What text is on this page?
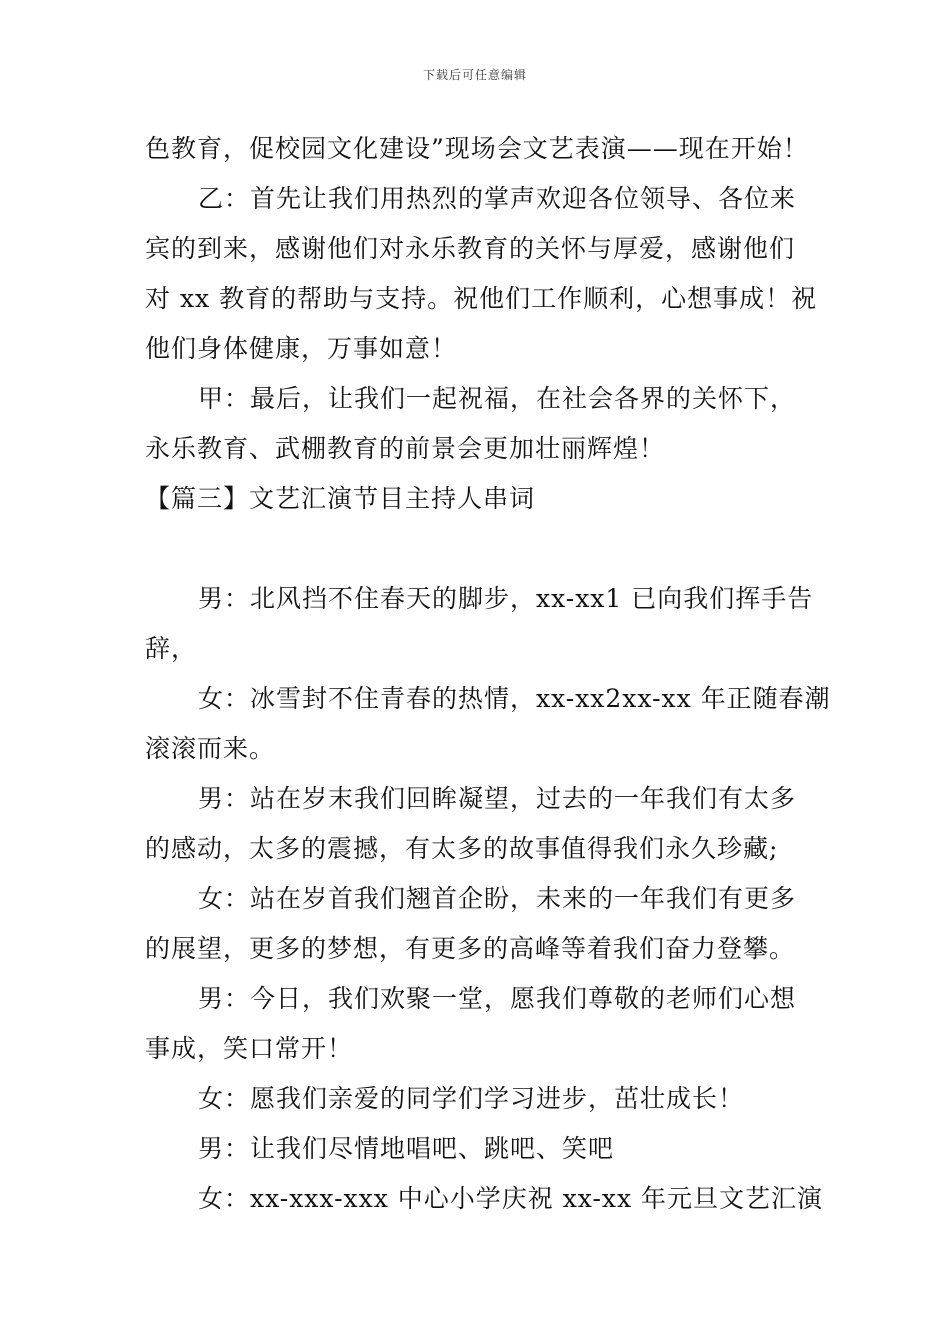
下载后可任意编辑
色教育，促校园文化建设”现场会文艺表演——现在开始！
乙：首先让我们用热烈的掌声欢迎各位领导、各位来
宾的到来，感谢他们对永乐教育的关怀与厚爱，感谢他们
对 xx 教育的帮助与支持。祝他们工作顺利，心想事成！祝
他们身体健康，万事如意！
甲：最后，让我们一起祝福，在社会各界的关怀下，
永乐教育、武棚教育的前景会更加壮丽辉煌！
【篇三】文艺汇演节目主持人串词
男：北风挡不住春天的脚步，xx-xx1 已向我们挥手告
辞，
女：冰雪封不住青春的热情，xx-xx2xx-xx 年正随春潮
滚滚而来。
男：站在岁末我们回眸凝望，过去的一年我们有太多
的感动，太多的震撼，有太多的故事值得我们永久珍藏;
女：站在岁首我们翘首企盼，未来的一年我们有更多
的展望，更多的梦想，有更多的高峰等着我们奋力登攀。
男：今日，我们欢聚一堂，愿我们尊敬的老师们心想
事成，笑口常开！
女：愿我们亲爱的同学们学习进步，茁壮成长！
男：让我们尽情地唱吧、跳吧、笑吧
女：xx-xxx-xxx 中心小学庆祝 xx-xx 年元旦文艺汇演
